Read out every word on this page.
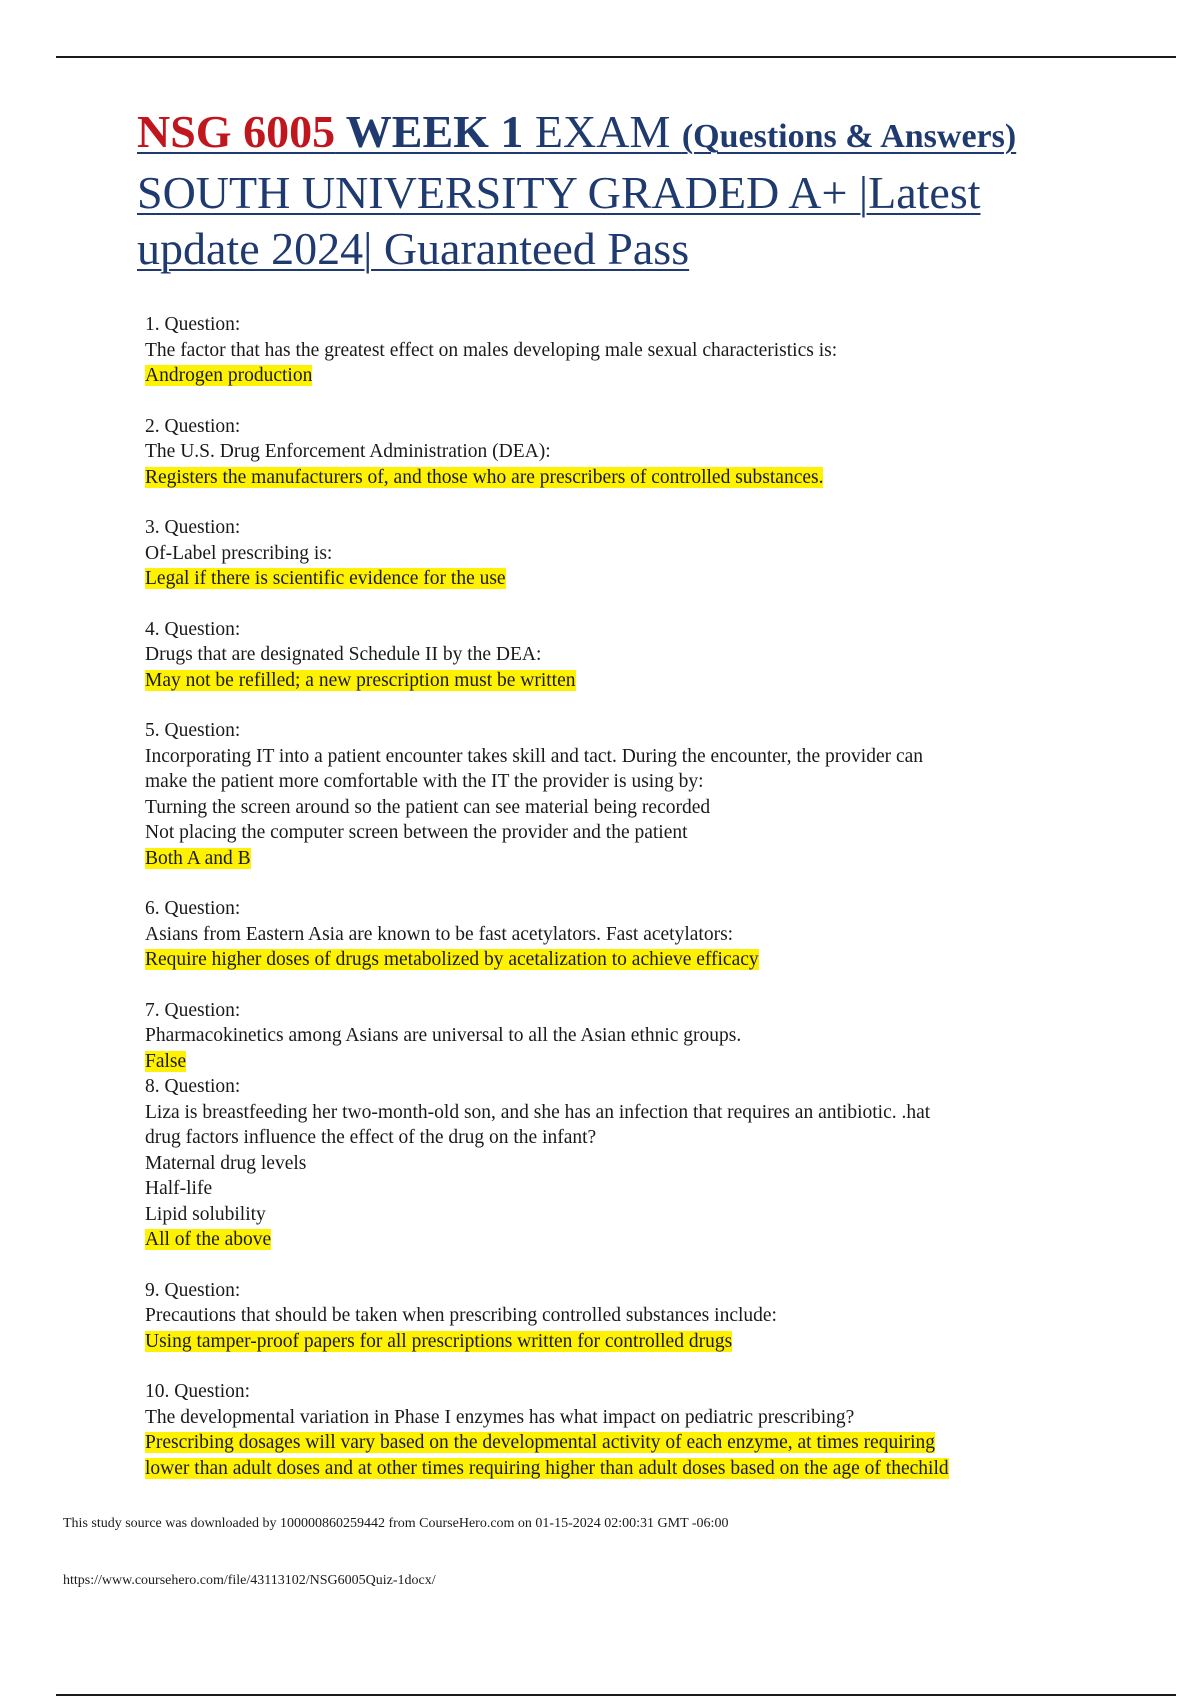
NSG 6005 WEEK 1 EXAM (Questions & Answers)
SOUTH UNIVERSITY GRADED A+ |Latest
update 2024| Guaranteed Pass
1. Question:
The factor that has the greatest effect on males developing male sexual characteristics is:
Androgen production
2. Question:
The U.S. Drug Enforcement Administration (DEA):
Registers the manufacturers of, and those who are prescribers of controlled substances.
3. Question:
Of-Label prescribing is:
Legal if there is scientific evidence for the use
4. Question:
Drugs that are designated Schedule II by the DEA:
May not be refilled; a new prescription must be written
5. Question:
Incorporating IT into a patient encounter takes skill and tact. During the encounter, the provider can
make the patient more comfortable with the IT the provider is using by:
Turning the screen around so the patient can see material being recorded
Not placing the computer screen between the provider and the patient
Both A and B
6. Question:
Asians from Eastern Asia are known to be fast acetylators. Fast acetylators:
Require higher doses of drugs metabolized by acetalization to achieve efficacy
7. Question:
Pharmacokinetics among Asians are universal to all the Asian ethnic groups.
False
8. Question:
Liza is breastfeeding her two-month-old son, and she has an infection that requires an antibiotic. .hat
drug factors influence the effect of the drug on the infant?
Maternal drug levels
Half-life
Lipid solubility
All of the above
9. Question:
Precautions that should be taken when prescribing controlled substances include:
Using tamper-proof papers for all prescriptions written for controlled drugs
10. Question:
The developmental variation in Phase I enzymes has what impact on pediatric prescribing?
Prescribing dosages will vary based on the developmental activity of each enzyme, at times requiring
lower than adult doses and at other times requiring higher than adult doses based on the age of thechild
This study source was downloaded by 100000860259442 from CourseHero.com on 01-15-2024 02:00:31 GMT -06:00
https://www.coursehero.com/file/43113102/NSG6005Quiz-1docx/
